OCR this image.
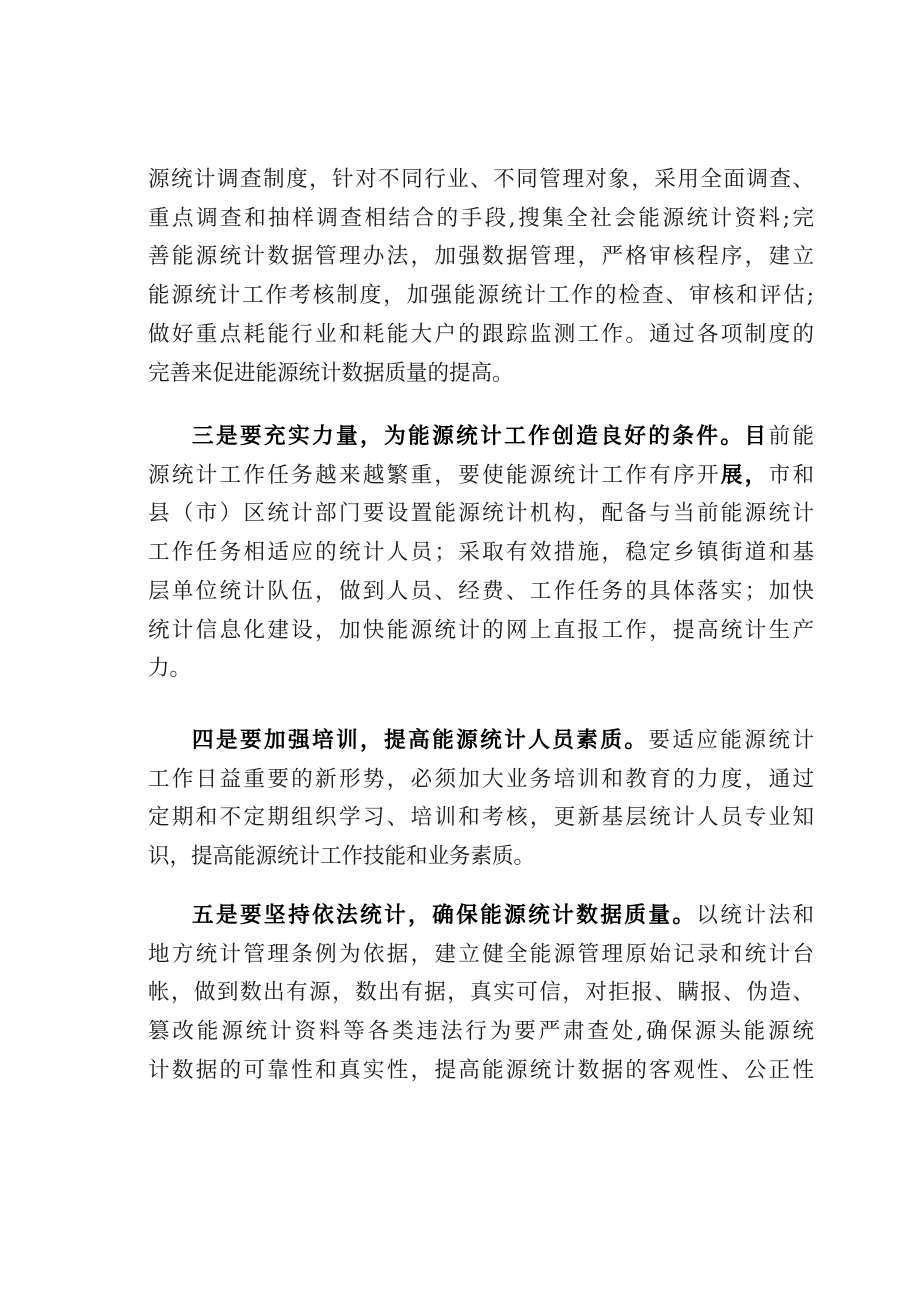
源统计调查制度，针对不同行业、不同管理对象，采用全面调查、
重点调查和抽样调查相结合的手段,搜集全社会能源统计资料;完
善能源统计数据管理办法，加强数据管理，严格审核程序，建立
能源统计工作考核制度，加强能源统计工作的检查、审核和评估;
做好重点耗能行业和耗能大户的跟踪监测工作。通过各项制度的
完善来促进能源统计数据质量的提高。
三是要充实力量，为能源统计工作创造良好的条件。目前能
源统计工作任务越来越繁重，要使能源统计工作有序开展，市和
县（市）区统计部门要设置能源统计机构，配备与当前能源统计
工作任务相适应的统计人员；采取有效措施，稳定乡镇街道和基
层单位统计队伍，做到人员、经费、工作任务的具体落实；加快
统计信息化建设，加快能源统计的网上直报工作，提高统计生产
力。
四是要加强培训，提高能源统计人员素质。要适应能源统计
工作日益重要的新形势，必须加大业务培训和教育的力度，通过
定期和不定期组织学习、培训和考核，更新基层统计人员专业知
识，提高能源统计工作技能和业务素质。
五是要坚持依法统计，确保能源统计数据质量。以统计法和
地方统计管理条例为依据，建立健全能源管理原始记录和统计台
帐，做到数出有源，数出有据，真实可信，对拒报、瞒报、伪造、
篡改能源统计资料等各类违法行为要严肃查处,确保源头能源统
计数据的可靠性和真实性，提高能源统计数据的客观性、公正性
